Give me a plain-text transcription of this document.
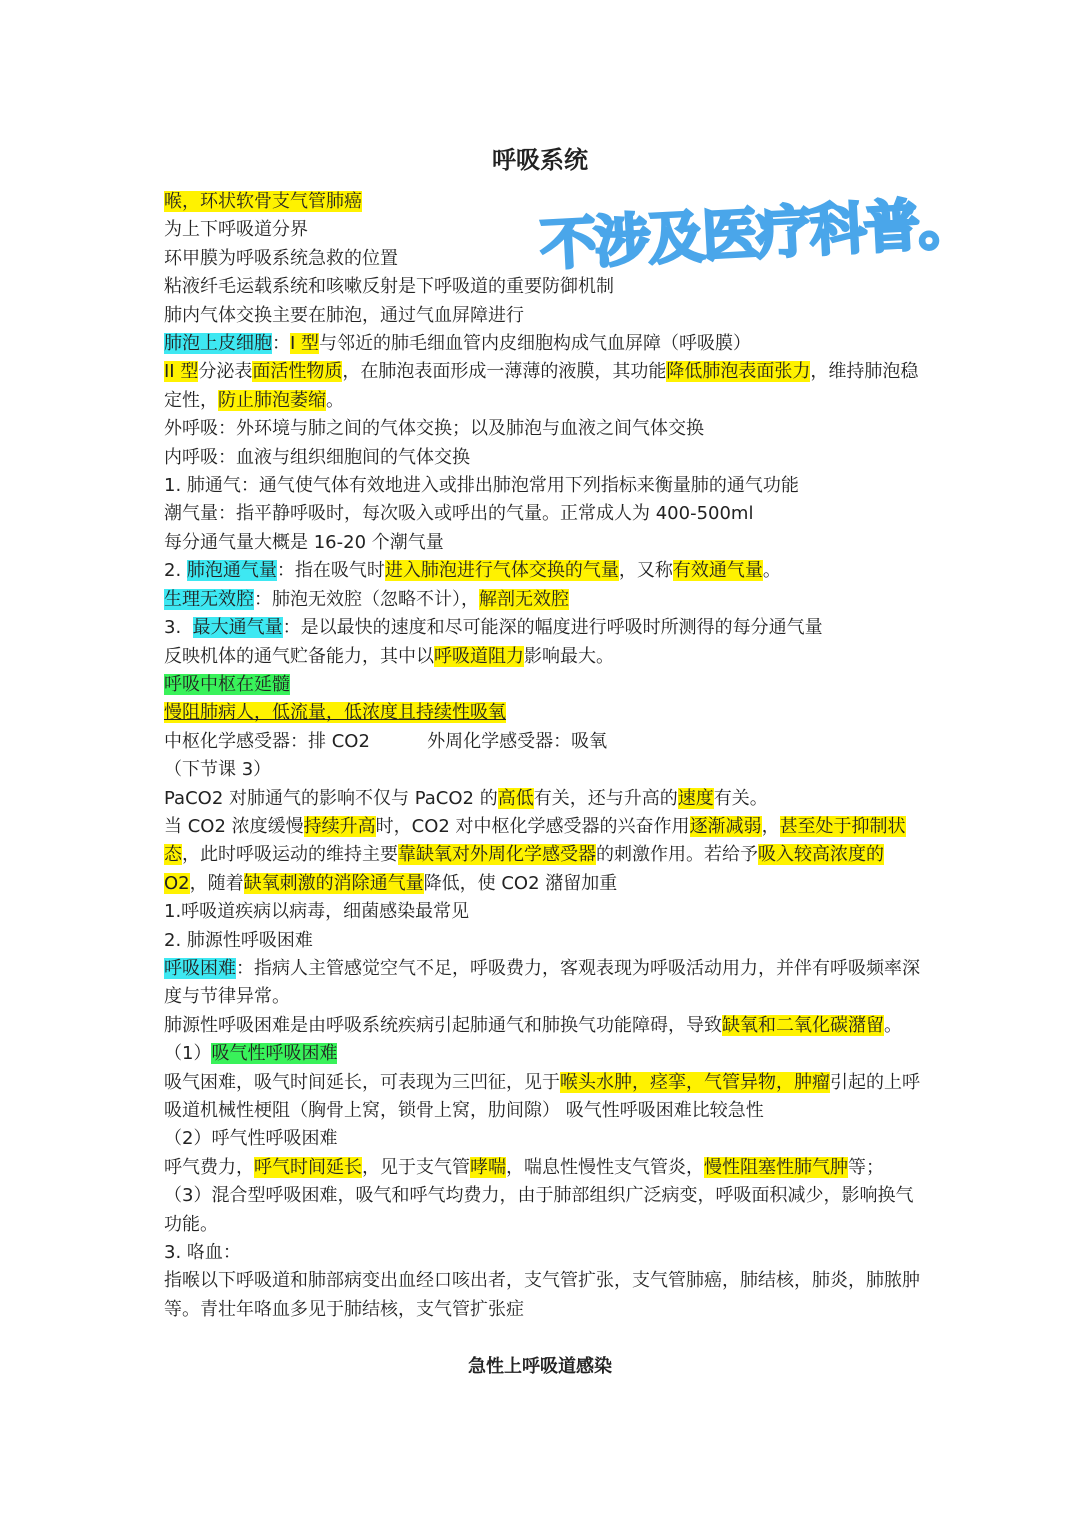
呼吸系统
不涉及医疗科普。
喉，环状软骨支气管肺癌
为上下呼吸道分界
环甲膜为呼吸系统急救的位置
粘液纤毛运载系统和咳嗽反射是下呼吸道的重要防御机制
肺内气体交换主要在肺泡，通过气血屏障进行
肺泡上皮细胞：I 型与邻近的肺毛细血管内皮细胞构成气血屏障（呼吸膜）
II 型分泌表面活性物质，在肺泡表面形成一薄薄的液膜，其功能降低肺泡表面张力，维持肺泡稳定性，防止肺泡萎缩。
外呼吸：外环境与肺之间的气体交换；以及肺泡与血液之间气体交换
内呼吸：血液与组织细胞间的气体交换
1. 肺通气：通气使气体有效地进入或排出肺泡常用下列指标来衡量肺的通气功能
潮气量：指平静呼吸时，每次吸入或呼出的气量。正常成人为 400-500ml
每分通气量大概是 16-20 个潮气量
2. 肺泡通气量：指在吸气时进入肺泡进行气体交换的气量，又称有效通气量。
生理无效腔：肺泡无效腔（忽略不计），解剖无效腔
3.  最大通气量：是以最快的速度和尽可能深的幅度进行呼吸时所测得的每分通气量
反映机体的通气贮备能力，其中以呼吸道阻力影响最大。
呼吸中枢在延髓
慢阻肺病人，低流量，低浓度且持续性吸氧
中枢化学感受器：排 CO2          外周化学感受器：吸氧
（下节课 3）
PaCO2 对肺通气的影响不仅与 PaCO2 的高低有关，还与升高的速度有关。
当 CO2 浓度缓慢持续升高时，CO2 对中枢化学感受器的兴奋作用逐渐减弱，甚至处于抑制状态，此时呼吸运动的维持主要靠缺氧对外周化学感受器的刺激作用。若给予吸入较高浓度的 O2，随着缺氧刺激的消除通气量降低，使 CO2 潴留加重
1.呼吸道疾病以病毒，细菌感染最常见
2. 肺源性呼吸困难
呼吸困难：指病人主管感觉空气不足，呼吸费力，客观表现为呼吸活动用力，并伴有呼吸频率深度与节律异常。
肺源性呼吸困难是由呼吸系统疾病引起肺通气和肺换气功能障碍，导致缺氧和二氧化碳潴留。
（1）吸气性呼吸困难
吸气困难，吸气时间延长，可表现为三凹征，见于喉头水肿，痉挛，气管异物，肿瘤引起的上呼吸道机械性梗阻（胸骨上窝，锁骨上窝，肋间隙） 吸气性呼吸困难比较急性
（2）呼气性呼吸困难
呼气费力，呼气时间延长，见于支气管哮喘，喘息性慢性支气管炎，慢性阻塞性肺气肿等；
（3）混合型呼吸困难，吸气和呼气均费力，由于肺部组织广泛病变，呼吸面积减少，影响换气功能。
3. 咯血：
指喉以下呼吸道和肺部病变出血经口咳出者，支气管扩张，支气管肺癌，肺结核，肺炎，肺脓肿等。青壮年咯血多见于肺结核，支气管扩张症
急性上呼吸道感染
